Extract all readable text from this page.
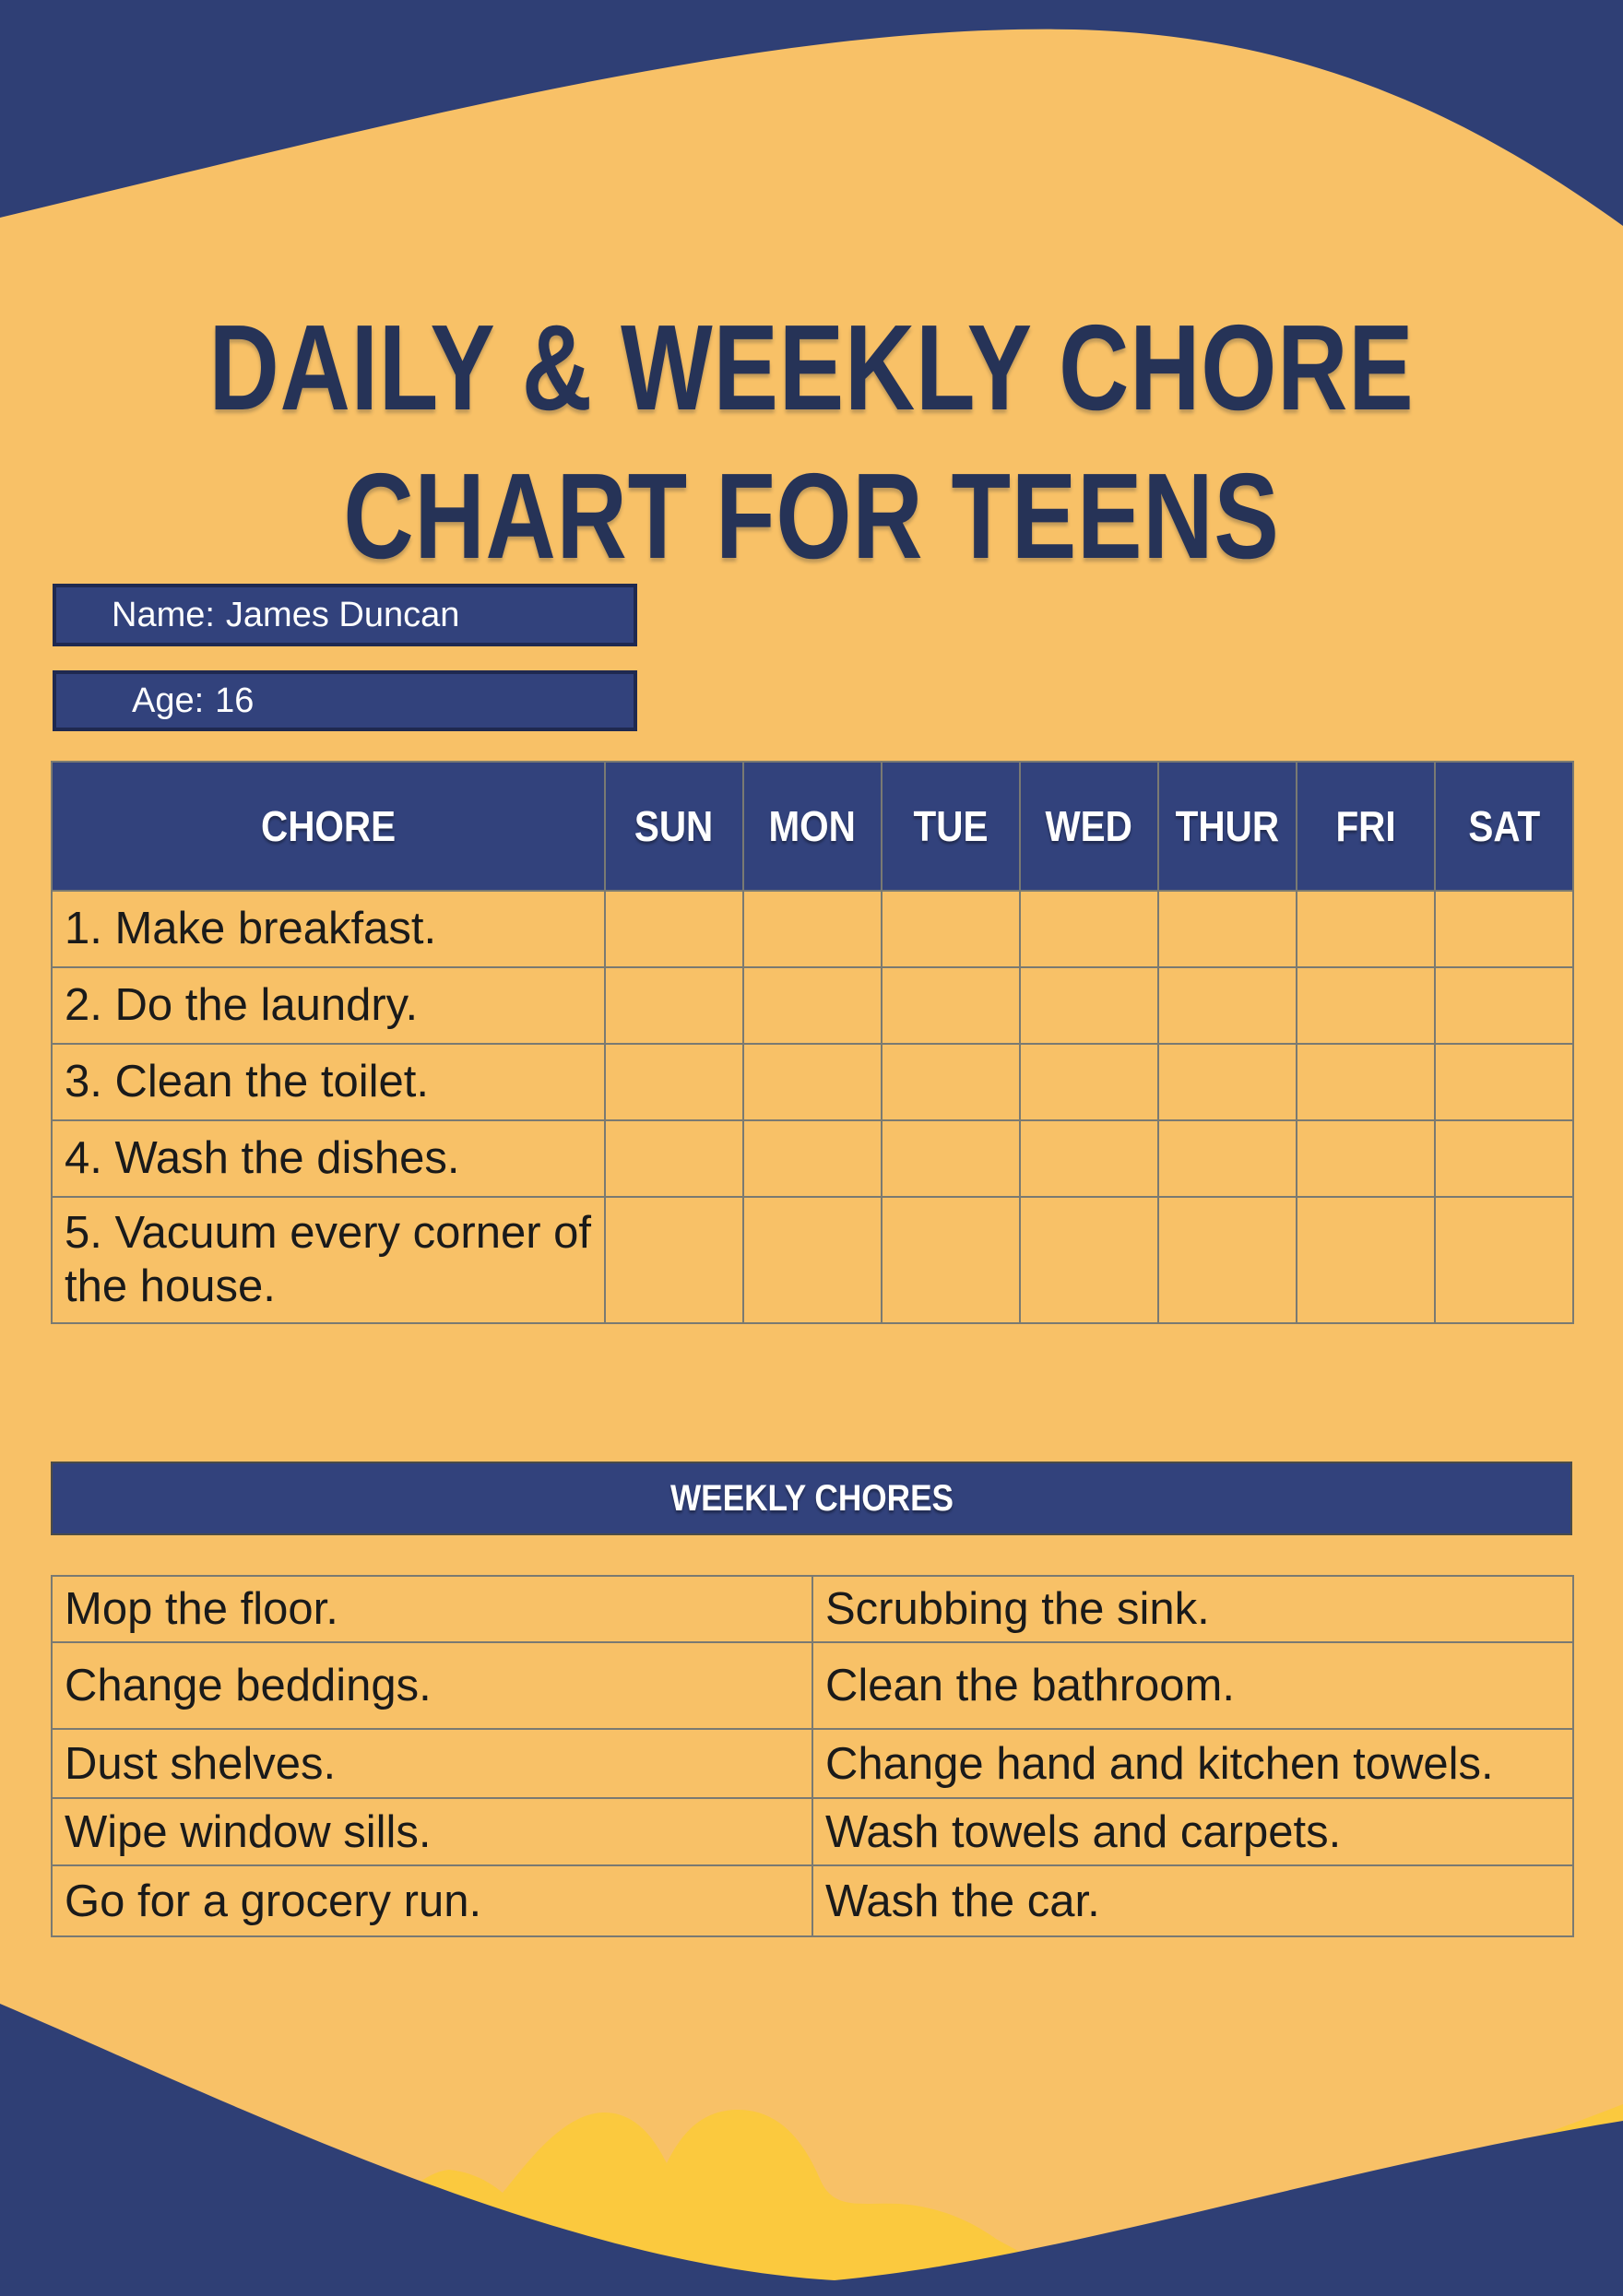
DAILY & WEEKLY CHORE
CHART FOR TEENS
Name: James Duncan
Age: 16
CHORE	SUN	MON	TUE	WED	THUR	FRI	SAT
1. Make breakfast.							
2. Do the laundry.							
3. Clean the toilet.							
4. Wash the dishes.							
5. Vacuum every corner of the house.							
WEEKLY CHORES
Mop the floor.	Scrubbing the sink.
Change beddings.	Clean the bathroom.
Dust shelves.	Change hand and kitchen towels.
Wipe window sills.	Wash towels and carpets.
Go for a grocery run.	Wash the car.
